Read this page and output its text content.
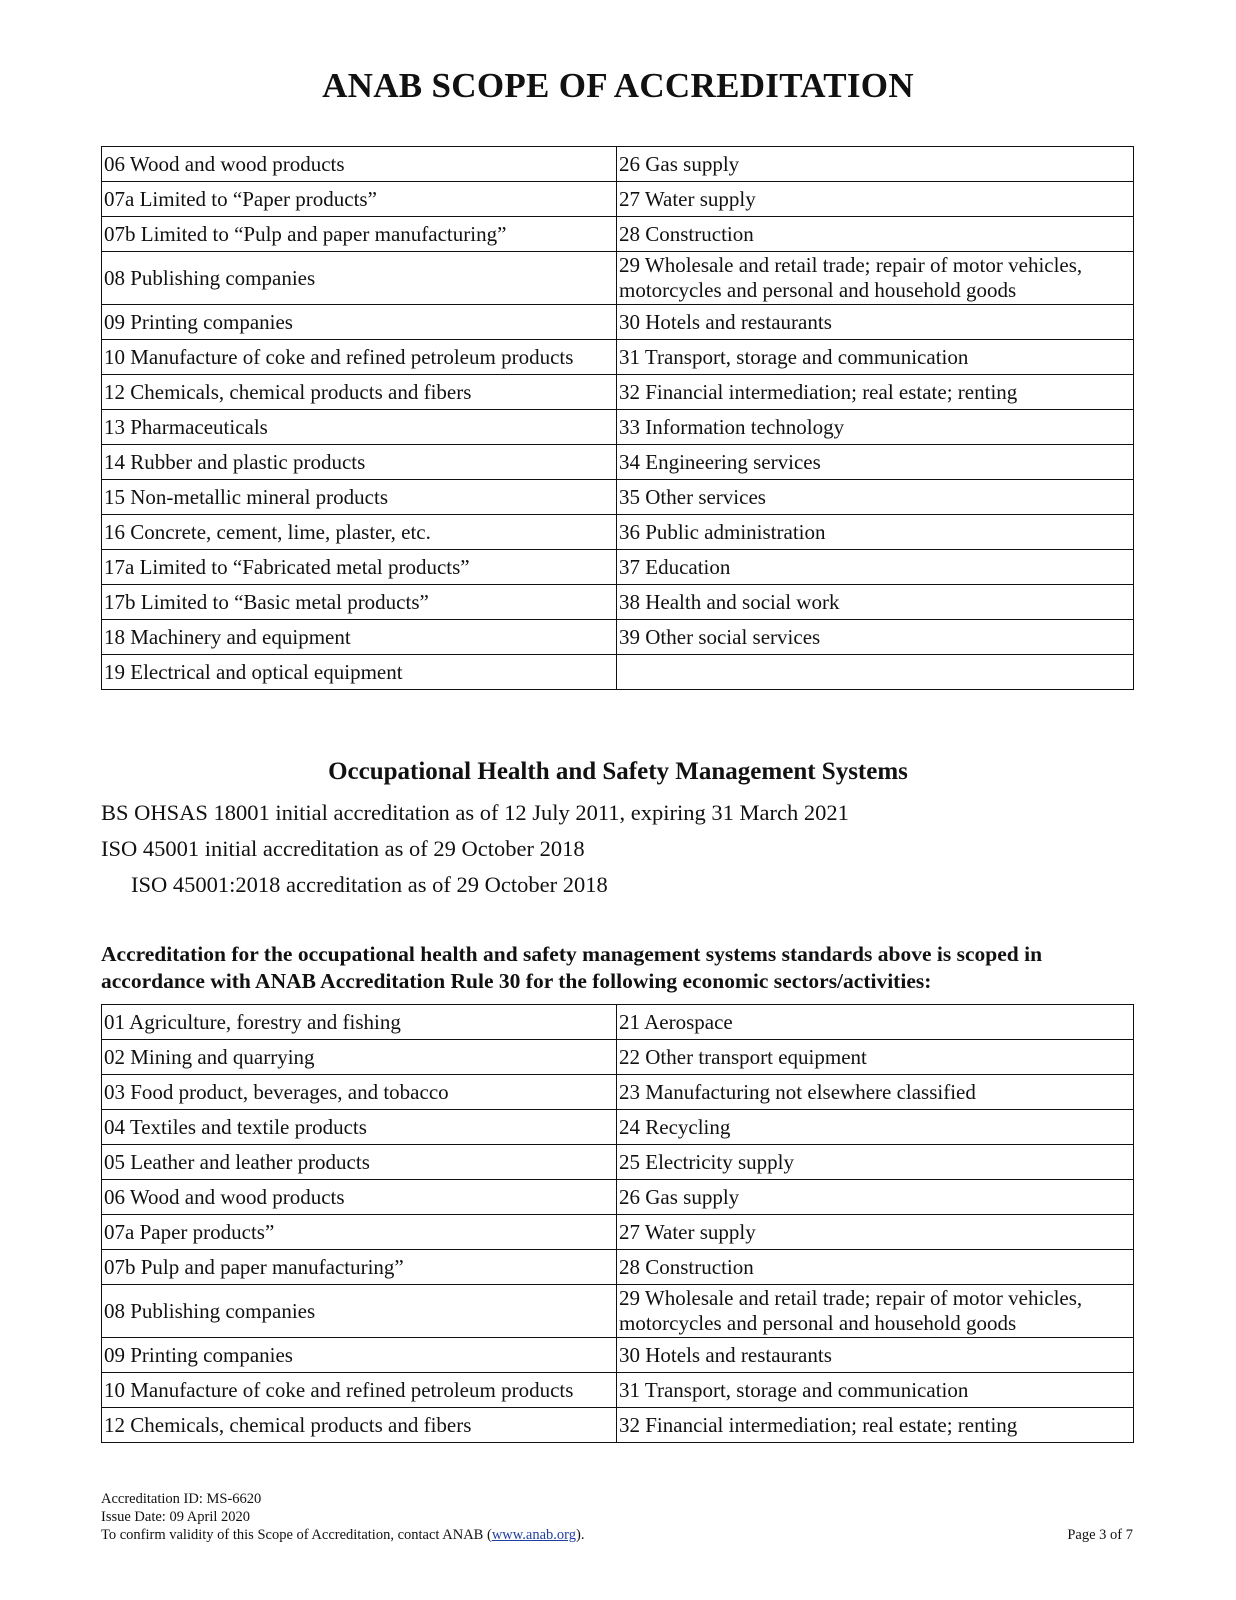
ANAB SCOPE OF ACCREDITATION
06 Wood and wood products	26 Gas supply
07a Limited to “Paper products”	27 Water supply
07b Limited to “Pulp and paper manufacturing”	28 Construction
08 Publishing companies	29 Wholesale and retail trade; repair of motor vehicles, motorcycles and personal and household goods
09 Printing companies	30 Hotels and restaurants
10 Manufacture of coke and refined petroleum products	31 Transport, storage and communication
12 Chemicals, chemical products and fibers	32 Financial intermediation; real estate; renting
13 Pharmaceuticals	33 Information technology
14 Rubber and plastic products	34 Engineering services
15 Non-metallic mineral products	35 Other services
16 Concrete, cement, lime, plaster, etc.	36 Public administration
17a Limited to “Fabricated metal products”	37 Education
17b Limited to “Basic metal products”	38 Health and social work
18 Machinery and equipment	39 Other social services
19 Electrical and optical equipment	
Occupational Health and Safety Management Systems
BS OHSAS 18001 initial accreditation as of 12 July 2011, expiring 31 March 2021
ISO 45001 initial accreditation as of 29 October 2018
ISO 45001:2018 accreditation as of 29 October 2018
Accreditation for the occupational health and safety management systems standards above is scoped in accordance with ANAB Accreditation Rule 30 for the following economic sectors/activities:
01 Agriculture, forestry and fishing	21 Aerospace
02 Mining and quarrying	22 Other transport equipment
03 Food product, beverages, and tobacco	23 Manufacturing not elsewhere classified
04 Textiles and textile products	24 Recycling
05 Leather and leather products	25 Electricity supply
06 Wood and wood products	26 Gas supply
07a Paper products”	27 Water supply
07b Pulp and paper manufacturing”	28 Construction
08 Publishing companies	29 Wholesale and retail trade; repair of motor vehicles, motorcycles and personal and household goods
09 Printing companies	30 Hotels and restaurants
10 Manufacture of coke and refined petroleum products	31 Transport, storage and communication
12 Chemicals, chemical products and fibers	32 Financial intermediation; real estate; renting
Accreditation ID: MS-6620
Issue Date: 09 April 2020
To confirm validity of this Scope of Accreditation, contact ANAB (www.anab.org).	Page 3 of 7
